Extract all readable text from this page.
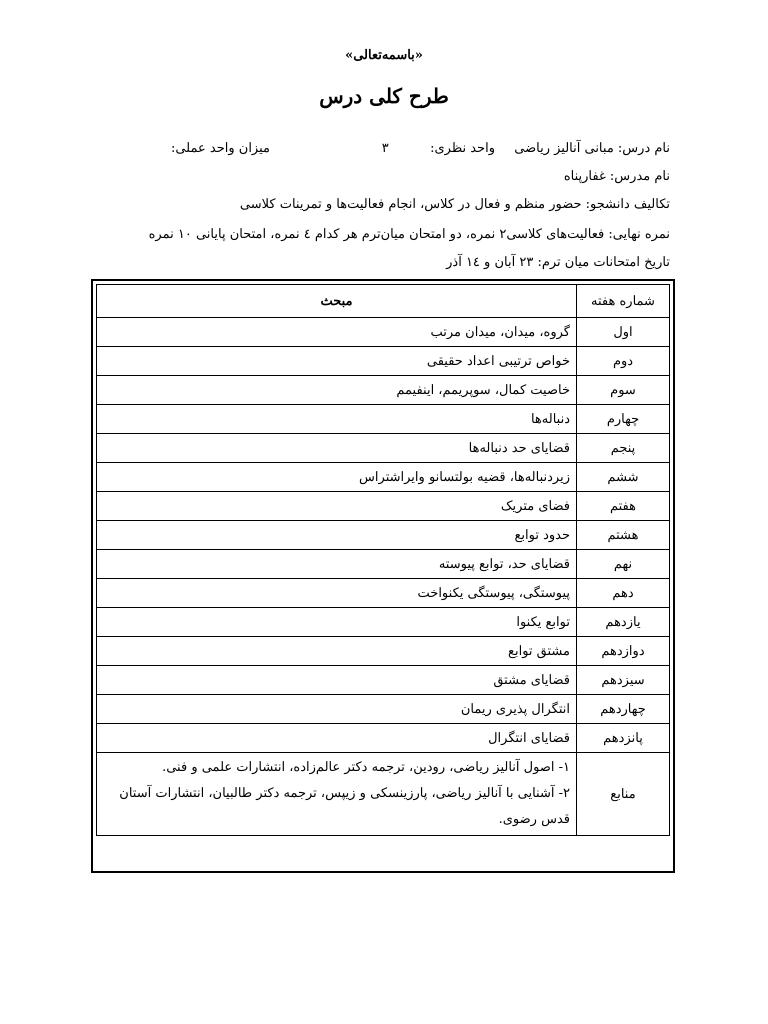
«باسمه‌تعالی»
طرح کلی درس
نام درس: مبانی آنالیز ریاضی
واحد نظری:          ۳
میزان واحد عملی:
نام مدرس: غفارپناه
تکالیف دانشجو: حضور منظم و فعال در کلاس، انجام فعالیت‌ها و تمرینات کلاسی
نمره نهایی: فعالیت‌های کلاسی۲ نمره، دو امتحان میان‌ترم هر کدام ٤ نمره، امتحان پایانی ۱۰ نمره
تاریخ امتحانات میان ترم: ۲۳ آبان و ۱٤ آذر
شماره هفته	مبحث
اول	گروه، میدان، میدان مرتب
دوم	خواص ترتیبی اعداد حقیقی
سوم	خاصیت کمال، سوپریمم، اینفیمم
چهارم	دنباله‌ها
پنجم	قضایای حد دنباله‌ها
ششم	زیردنباله‌ها، قضیه بولتسانو وایراشتراس
هفتم	فضای متریک
هشتم	حدود توابع
نهم	قضایای حد، توابع پیوسته
دهم	پیوستگی، پیوستگی یکنواخت
یازدهم	توابع یکنوا
دوازدهم	مشتق توابع
سیزدهم	قضایای مشتق
چهاردهم	انتگرال پذیری ریمان
پانزدهم	قضایای انتگرال
منابع	۱- اصول آنالیز ریاضی، رودین، ترجمه دکتر عالم‌زاده، انتشارات علمی و فنی.
۲- آشنایی با آنالیز ریاضی، پارزینسکی و زیپس، ترجمه دکتر طالبیان، انتشارات آستان قدس رضوی.
